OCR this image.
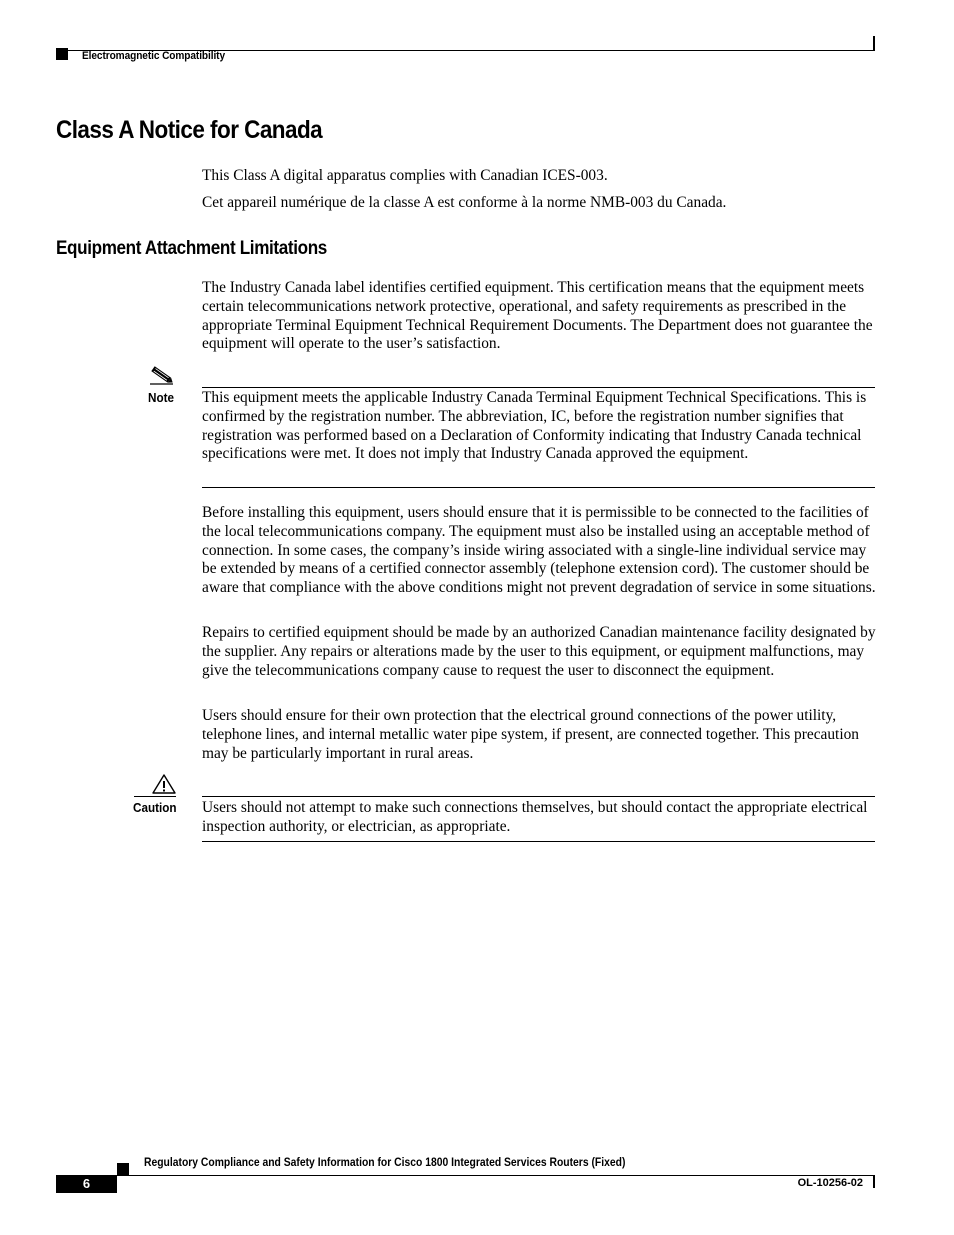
Electromagnetic Compatibility
Class A Notice for Canada

This Class A digital apparatus complies with Canadian ICES-003.

Cet appareil numérique de la classe A est conforme à la norme NMB-003 du Canada.

Equipment Attachment Limitations

The Industry Canada label identifies certified equipment. This certification means that the equipment meets certain telecommunications network protective, operational, and safety requirements as prescribed in the appropriate Terminal Equipment Technical Requirement Documents. The Department does not guarantee the equipment will operate to the user’s satisfaction.

Note This equipment meets the applicable Industry Canada Terminal Equipment Technical Specifications. This is confirmed by the registration number. The abbreviation, IC, before the registration number signifies that registration was performed based on a Declaration of Conformity indicating that Industry Canada technical specifications were met. It does not imply that Industry Canada approved the equipment.

Before installing this equipment, users should ensure that it is permissible to be connected to the facilities of the local telecommunications company. The equipment must also be installed using an acceptable method of connection. In some cases, the company’s inside wiring associated with a single-line individual service may be extended by means of a certified connector assembly (telephone extension cord). The customer should be aware that compliance with the above conditions might not prevent degradation of service in some situations.

Repairs to certified equipment should be made by an authorized Canadian maintenance facility designated by the supplier. Any repairs or alterations made by the user to this equipment, or equipment malfunctions, may give the telecommunications company cause to request the user to disconnect the equipment.

Users should ensure for their own protection that the electrical ground connections of the power utility, telephone lines, and internal metallic water pipe system, if present, are connected together. This precaution may be particularly important in rural areas.

Caution Users should not attempt to make such connections themselves, but should contact the appropriate electrical inspection authority, or electrician, as appropriate.

Regulatory Compliance and Safety Information for Cisco 1800 Integrated Services Routers (Fixed)
6	OL-10256-02
